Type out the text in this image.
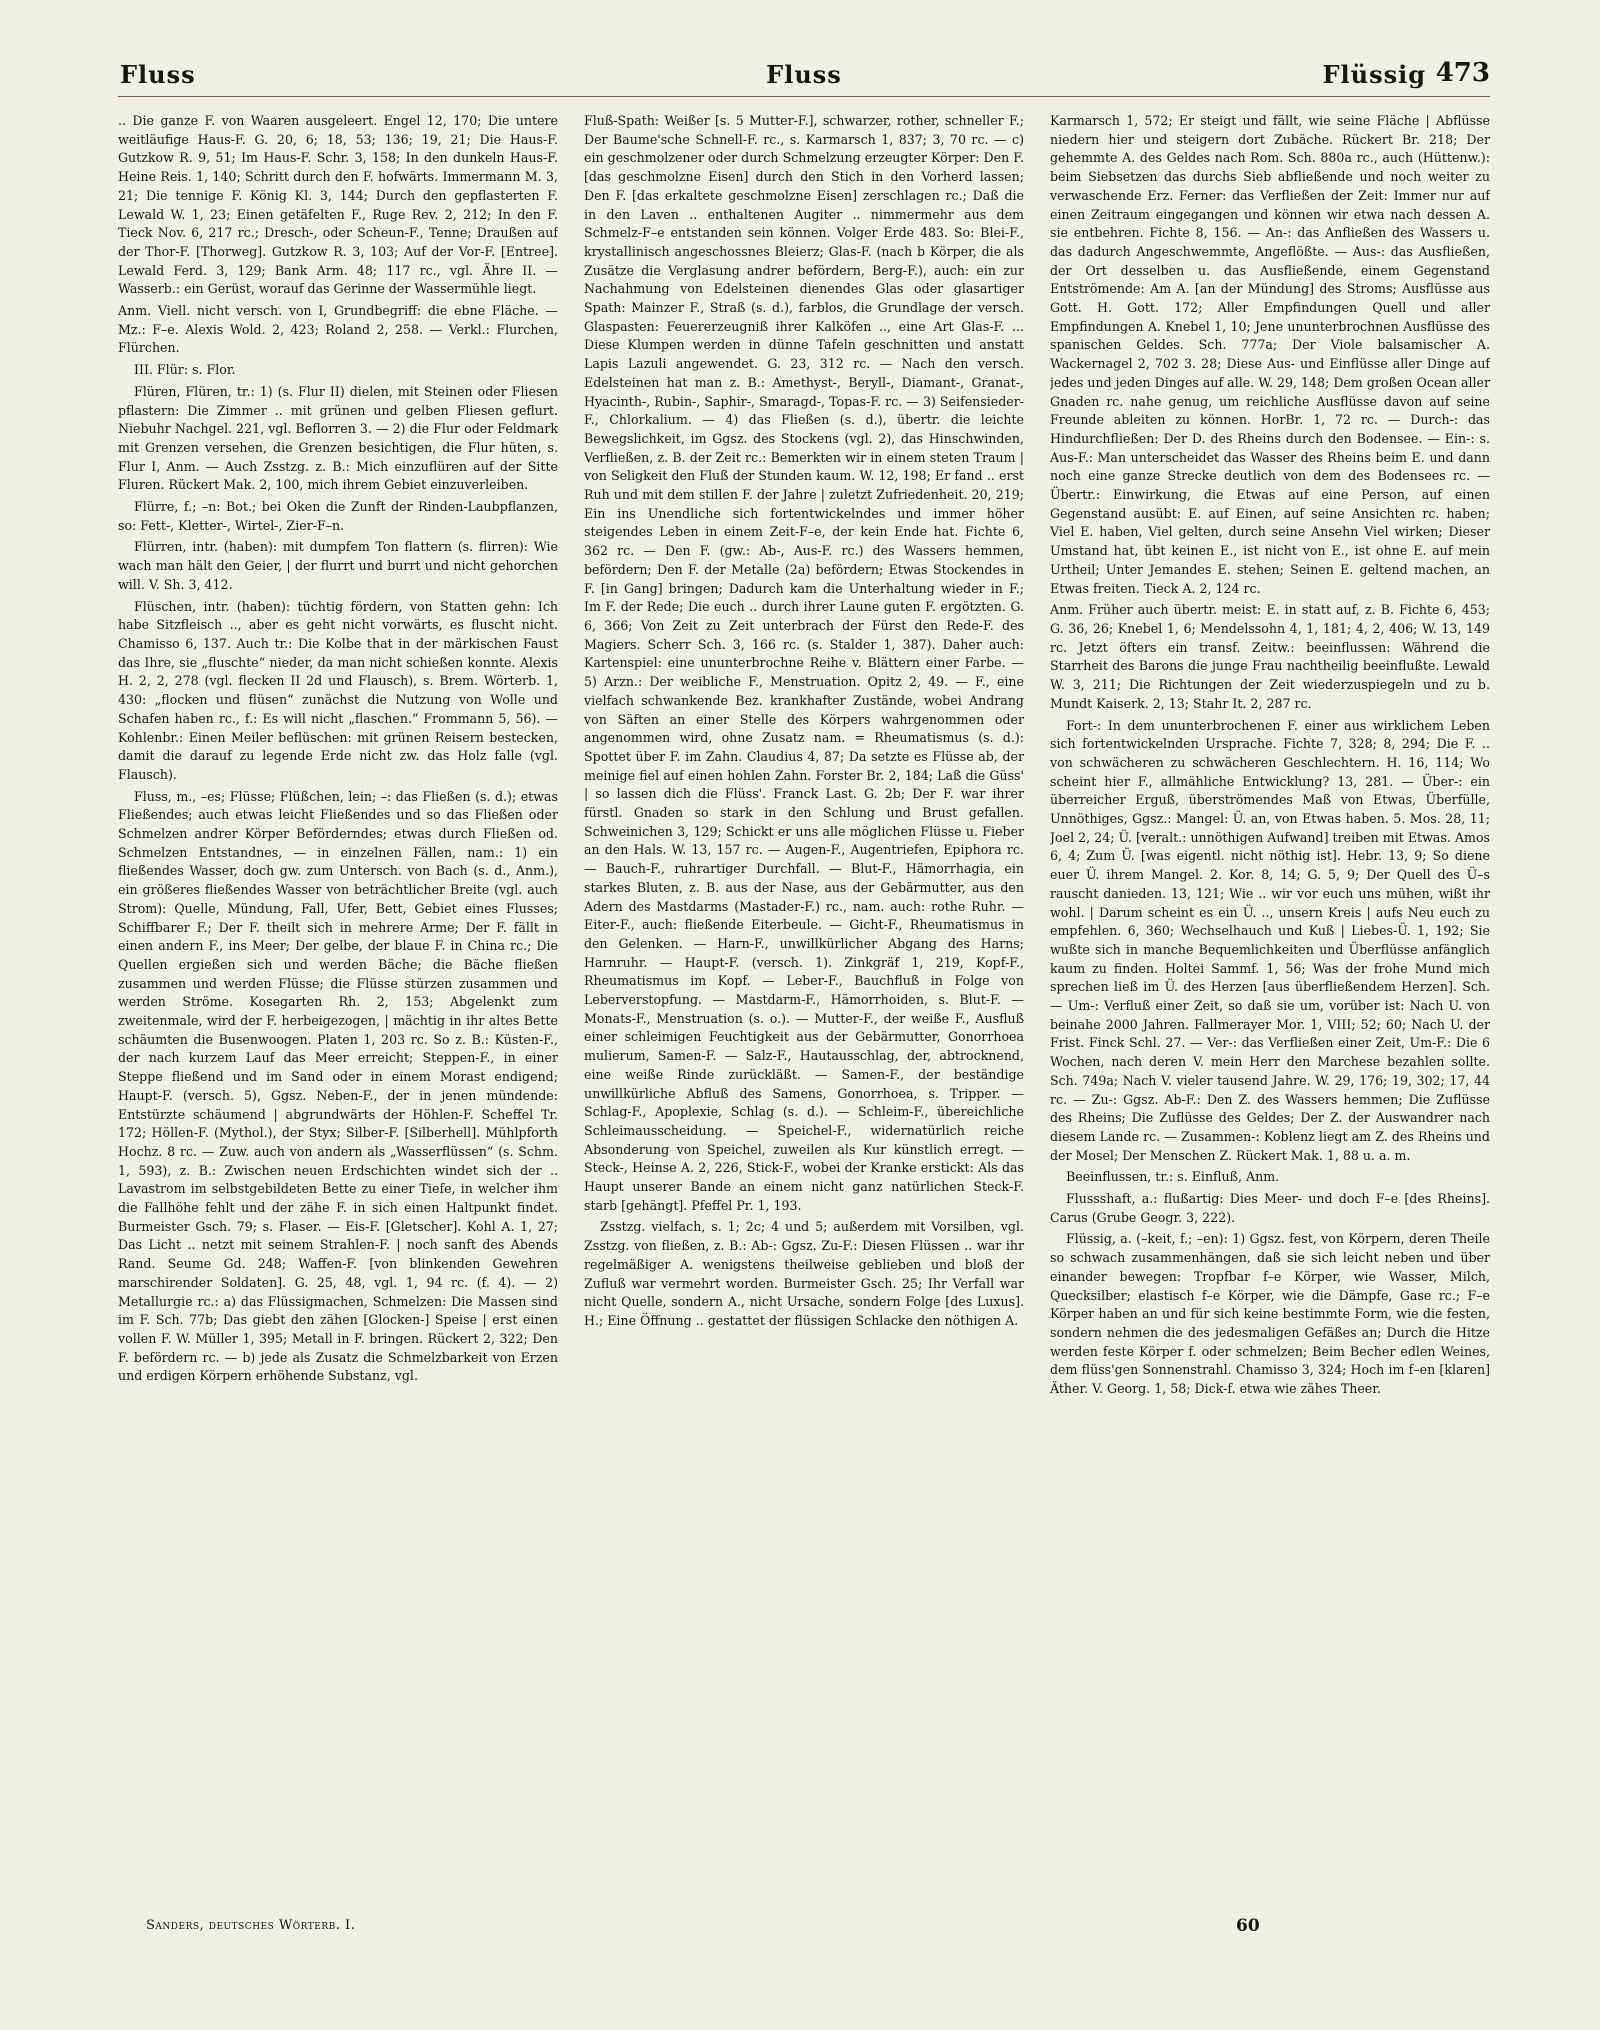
Fluss	Fluss	Flüssig 473

.. Die ganze F. von Waaren ausgeleert. Engel 12, 170; Die untere weitläufige Haus-F. G. 20, 6; 18, 53; 136; 19, 21; Die Haus-F. Gutzkow R. 9, 51; Im Haus-F. Schr. 3, 158; In den dunkeln Haus-F. Heine Reis. 1, 140; Schritt durch den F. hofwärts. Immermann M. 3, 21; Die tennige F. König Kl. 3, 144; Durch den gepflasterten F. Lewald W. 1, 23; Einen getäfelten F., Ruge Rev. 2, 212; In den F. Tieck Nov. 6, 217 rc.; Dresch-, oder Scheun-F., Tenne; Draußen auf der Thor-F. [Thorweg]. Gutzkow R. 3, 103; Auf der Vor-F. [Entree]. Lewald Ferd. 3, 129; Bank Arm. 48; 117 rc., vgl. Ähre II. — Wasserb.: ein Gerüst, worauf das Gerinne der Wassermühle liegt.

Anm. Viell. nicht versch. von I, Grundbegriff: die ebne Fläche. — Mz.: F–e. Alexis Wold. 2, 423; Roland 2, 258. — Verkl.: Flurchen, Flürchen.

III. Flür: s. Flor.

Flüren, Flüren, tr.: 1) (s. Flur II) dielen, mit Steinen oder Fliesen pflastern: Die Zimmer .. mit grünen und gelben Fliesen geflurt. Niebuhr Nachgel. 221, vgl. Beflorren 3. — 2) die Flur oder Feldmark mit Grenzen versehen, die Grenzen besichtigen, die Flur hüten, s. Flur I, Anm. — Auch Zsstzg. z. B.: Mich einzuflüren auf der Sitte Fluren. Rückert Mak. 2, 100, mich ihrem Gebiet einzuverleiben.

Flürre, f.; –n: Bot.; bei Oken die Zunft der Rinden-Laubpflanzen, so: Fett-, Kletter-, Wirtel-, Zier-F–n.

Flürren, intr. (haben): mit dumpfem Ton flattern (s. flirren): Wie wach man hält den Geier, | der flurrt und burrt und nicht gehorchen will. V. Sh. 3, 412.

Flüschen, intr. (haben): tüchtig fördern, von Statten gehn: Ich habe Sitzfleisch .., aber es geht nicht vorwärts, es fluscht nicht. Chamisso 6, 137. Auch tr.: Die Kolbe that in der märkischen Faust das Ihre, sie „fluschte“ nieder, da man nicht schießen konnte. Alexis H. 2, 2, 278 (vgl. flecken II 2d und Flausch), s. Brem. Wörterb. 1, 430: „flocken und flüsen“ zunächst die Nutzung von Wolle und Schafen haben rc., f.: Es will nicht „flaschen.“ Frommann 5, 56). — Kohlenbr.: Einen Meiler beflüschen: mit grünen Reisern bestecken, damit die darauf zu legende Erde nicht zw. das Holz falle (vgl. Flausch).

Fluss, m., –es; Flüsse; Flüßchen, lein; –: das Fließen (s. d.); etwas Fließendes; auch etwas leicht Fließendes und so das Fließen oder Schmelzen andrer Körper Beförderndes; etwas durch Fließen od. Schmelzen Entstandnes, — in einzelnen Fällen, nam.: 1) ein fließendes Wasser, doch gw. zum Untersch. von Bach (s. d., Anm.), ein größeres fließendes Wasser von beträchtlicher Breite (vgl. auch Strom): Quelle, Mündung, Fall, Ufer, Bett, Gebiet eines Flusses; Schiffbarer F.; Der F. theilt sich in mehrere Arme; Der F. fällt in einen andern F., ins Meer; Der gelbe, der blaue F. in China rc.; Die Quellen ergießen sich und werden Bäche; die Bäche fließen zusammen und werden Flüsse; die Flüsse stürzen zusammen und werden Ströme. Kosegarten Rh. 2, 153; Abgelenkt zum zweitenmale, wird der F. herbeigezogen, | mächtig in ihr altes Bette schäumten die Busenwoogen. Platen 1, 203 rc. So z. B.: Küsten-F., der nach kurzem Lauf das Meer erreicht; Steppen-F., in einer Steppe fließend und im Sand oder in einem Morast endigend; Haupt-F. (versch. 5), Ggsz. Neben-F., der in jenen mündende: Entstürzte schäumend | abgrundwärts der Höhlen-F. Scheffel Tr. 172; Höllen-F. (Mythol.), der Styx; Silber-F. [Silberhell]. Mühlpforth Hochz. 8 rc. — Zuw. auch von andern als „Wasserflüssen“ (s. Schm. 1, 593), z. B.: Zwischen neuen Erdschichten windet sich der .. Lavastrom im selbstgebildeten Bette zu einer Tiefe, in welcher ihm die Fallhöhe fehlt und der zähe F. in sich einen Haltpunkt findet. Burmeister Gsch. 79; s. Flaser. — Eis-F. [Gletscher]. Kohl A. 1, 27; Das Licht .. netzt mit seinem Strahlen-F. | noch sanft des Abends Rand. Seume Gd. 248; Waffen-F. [von blinkenden Gewehren marschirender Soldaten]. G. 25, 48, vgl. 1, 94 rc. (f. 4). — 2) Metallurgie rc.: a) das Flüssigmachen, Schmelzen: Die Massen sind im F. Sch. 77b; Das giebt den zähen [Glocken-] Speise | erst einen vollen F. W. Müller 1, 395; Metall in F. bringen. Rückert 2, 322; Den F. befördern rc. — b) jede als Zusatz die Schmelzbarkeit von Erzen und erdigen Körpern erhöhende Substanz, vgl.

Fluß-Spath: Weißer [s. 5 Mutter-F.], schwarzer, rother, schneller F.; Der Baume'sche Schnell-F. rc., s. Karmarsch 1, 837; 3, 70 rc. — c) ein geschmolzener oder durch Schmelzung erzeugter Körper: Den F. [das geschmolzne Eisen] durch den Stich in den Vorherd lassen; Den F. [das erkaltete geschmolzne Eisen] zerschlagen rc.; Daß die in den Laven .. enthaltenen Augiter .. nimmermehr aus dem Schmelz-F–e entstanden sein können. Volger Erde 483. So: Blei-F., krystallinisch angeschossnes Bleierz; Glas-F. (nach b Körper, die als Zusätze die Verglasung andrer befördern, Berg-F.), auch: ein zur Nachahmung von Edelsteinen dienendes Glas oder glasartiger Spath: Mainzer F., Straß (s. d.), farblos, die Grundlage der versch. Glaspasten: Feuererzeugniß ihrer Kalköfen .., eine Art Glas-F. ... Diese Klumpen werden in dünne Tafeln geschnitten und anstatt Lapis Lazuli angewendet. G. 23, 312 rc. — Nach den versch. Edelsteinen hat man z. B.: Amethyst-, Beryll-, Diamant-, Granat-, Hyacinth-, Rubin-, Saphir-, Smaragd-, Topas-F. rc. — 3) Seifensieder-F., Chlorkalium. — 4) das Fließen (s. d.), übertr. die leichte Bewegslichkeit, im Ggsz. des Stockens (vgl. 2), das Hinschwinden, Verfließen, z. B. der Zeit rc.: Bemerkten wir in einem steten Traum | von Seligkeit den Fluß der Stunden kaum. W. 12, 198; Er fand .. erst Ruh und mit dem stillen F. der Jahre | zuletzt Zufriedenheit. 20, 219; Ein ins Unendliche sich fortentwickelndes und immer höher steigendes Leben in einem Zeit-F–e, der kein Ende hat. Fichte 6, 362 rc. — Den F. (gw.: Ab-, Aus-F. rc.) des Wassers hemmen, befördern; Den F. der Metalle (2a) befördern; Etwas Stockendes in F. [in Gang] bringen; Dadurch kam die Unterhaltung wieder in F.; Im F. der Rede; Die euch .. durch ihrer Laune guten F. ergötzten. G. 6, 366; Von Zeit zu Zeit unterbrach der Fürst den Rede-F. des Magiers. Scherr Sch. 3, 166 rc. (s. Stalder 1, 387). Daher auch: Kartenspiel: eine ununterbrochne Reihe v. Blättern einer Farbe. — 5) Arzn.: Der weibliche F., Menstruation. Opitz 2, 49. — F., eine vielfach schwankende Bez. krankhafter Zustände, wobei Andrang von Säften an einer Stelle des Körpers wahrgenommen oder angenommen wird, ohne Zusatz nam. = Rheumatismus (s. d.): Spottet über F. im Zahn. Claudius 4, 87; Da setzte es Flüsse ab, der meinige fiel auf einen hohlen Zahn. Forster Br. 2, 184; Laß die Güss' | so lassen dich die Flüss'. Franck Last. G. 2b; Der F. war ihrer fürstl. Gnaden so stark in den Schlung und Brust gefallen. Schweinichen 3, 129; Schickt er uns alle möglichen Flüsse u. Fieber an den Hals. W. 13, 157 rc. — Augen-F., Augentriefen, Epiphora rc. — Bauch-F., ruhrartiger Durchfall. — Blut-F., Hämorrhagia, ein starkes Bluten, z. B. aus der Nase, aus der Gebärmutter, aus den Adern des Mastdarms (Mastader-F.) rc., nam. auch: rothe Ruhr. — Eiter-F., auch: fließende Eiterbeule. — Gicht-F., Rheumatismus in den Gelenken. — Harn-F., unwillkürlicher Abgang des Harns; Harnruhr. — Haupt-F. (versch. 1). Zinkgräf 1, 219, Kopf-F., Rheumatismus im Kopf. — Leber-F., Bauchfluß in Folge von Leberverstopfung. — Mastdarm-F., Hämorrhoiden, s. Blut-F. — Monats-F., Menstruation (s. o.). — Mutter-F., der weiße F., Ausfluß einer schleimigen Feuchtigkeit aus der Gebärmutter, Gonorrhoea mulierum, Samen-F. — Salz-F., Hautausschlag, der, abtrocknend, eine weiße Rinde zurückläßt. — Samen-F., der beständige unwillkürliche Abfluß des Samens, Gonorrhoea, s. Tripper. — Schlag-F., Apoplexie, Schlag (s. d.). — Schleim-F., übereichliche Schleimausscheidung. — Speichel-F., widernatürlich reiche Absonderung von Speichel, zuweilen als Kur künstlich erregt. — Steck-, Heinse A. 2, 226, Stick-F., wobei der Kranke erstickt: Als das Haupt unserer Bande an einem nicht ganz natürlichen Steck-F. starb [gehängt]. Pfeffel Pr. 1, 193.

Zsstzg. vielfach, s. 1; 2c; 4 und 5; außerdem mit Vorsilben, vgl. Zsstzg. von fließen, z. B.: Ab-: Ggsz. Zu-F.: Diesen Flüssen .. war ihr regelmäßiger A. wenigstens theilweise geblieben und bloß der Zufluß war vermehrt worden. Burmeister Gsch. 25; Ihr Verfall war nicht Quelle, sondern A., nicht Ursache, sondern Folge [des Luxus]. H.; Eine Öffnung .. gestattet der flüssigen Schlacke den nöthigen A.

Karmarsch 1, 572; Er steigt und fällt, wie seine Fläche | Abflüsse niedern hier und steigern dort Zubäche. Rückert Br. 218; Der gehemmte A. des Geldes nach Rom. Sch. 880a rc., auch (Hüttenw.): beim Siebsetzen das durchs Sieb abfließende und noch weiter zu verwaschende Erz. Ferner: das Verfließen der Zeit: Immer nur auf einen Zeitraum eingegangen und können wir etwa nach dessen A. sie entbehren. Fichte 8, 156. — An-: das Anfließen des Wassers u. das dadurch Angeschwemmte, Angeflößte. — Aus-: das Ausfließen, der Ort desselben u. das Ausfließende, einem Gegenstand Entströmende: Am A. [an der Mündung] des Stroms; Ausflüsse aus Gott. H. Gott. 172; Aller Empfindungen Quell und aller Empfindungen A. Knebel 1, 10; Jene ununterbrochnen Ausflüsse des spanischen Geldes. Sch. 777a; Der Viole balsamischer A. Wackernagel 2, 702 3. 28; Diese Aus- und Einflüsse aller Dinge auf jedes und jeden Dinges auf alle. W. 29, 148; Dem großen Ocean aller Gnaden rc. nahe genug, um reichliche Ausflüsse davon auf seine Freunde ableiten zu können. HorBr. 1, 72 rc. — Durch-: das Hindurchfließen: Der D. des Rheins durch den Bodensee. — Ein-: s. Aus-F.: Man unterscheidet das Wasser des Rheins beim E. und dann noch eine ganze Strecke deutlich von dem des Bodensees rc. — Übertr.: Einwirkung, die Etwas auf eine Person, auf einen Gegenstand ausübt: E. auf Einen, auf seine Ansichten rc. haben; Viel E. haben, Viel gelten, durch seine Ansehn Viel wirken; Dieser Umstand hat, übt keinen E., ist nicht von E., ist ohne E. auf mein Urtheil; Unter Jemandes E. stehen; Seinen E. geltend machen, an Etwas freiten. Tieck A. 2, 124 rc.

Anm. Früher auch übertr. meist: E. in statt auf, z. B. Fichte 6, 453; G. 36, 26; Knebel 1, 6; Mendelssohn 4, 1, 181; 4, 2, 406; W. 13, 149 rc. Jetzt öfters ein transf. Zeitw.: beeinflussen: Während die Starrheit des Barons die junge Frau nachtheilig beeinflußte. Lewald W. 3, 211; Die Richtungen der Zeit wiederzuspiegeln und zu b. Mundt Kaiserk. 2, 13; Stahr It. 2, 287 rc.

Fort-: In dem ununterbrochenen F. einer aus wirklichem Leben sich fortentwickelnden Ursprache. Fichte 7, 328; 8, 294; Die F. .. von schwächeren zu schwächeren Geschlechtern. H. 16, 114; Wo scheint hier F., allmähliche Entwicklung? 13, 281. — Über-: ein überreicher Erguß, überströmendes Maß von Etwas, Überfülle, Unnöthiges, Ggsz.: Mangel: Ü. an, von Etwas haben. 5. Mos. 28, 11; Joel 2, 24; Ü. [veralt.: unnöthigen Aufwand] treiben mit Etwas. Amos 6, 4; Zum Ü. [was eigentl. nicht nöthig ist]. Hebr. 13, 9; So diene euer Ü. ihrem Mangel. 2. Kor. 8, 14; G. 5, 9; Der Quell des Ü–s rauscht danieden. 13, 121; Wie .. wir vor euch uns mühen, wißt ihr wohl. | Darum scheint es ein Ü. .., unsern Kreis | aufs Neu euch zu empfehlen. 6, 360; Wechselhauch und Kuß | Liebes-Ü. 1, 192; Sie wußte sich in manche Bequemlichkeiten und Überflüsse anfänglich kaum zu finden. Holtei Sammf. 1, 56; Was der frohe Mund mich sprechen ließ im Ü. des Herzen [aus überfließendem Herzen]. Sch. — Um-: Verfluß einer Zeit, so daß sie um, vorüber ist: Nach U. von beinahe 2000 Jahren. Fallmerayer Mor. 1, VIII; 52; 60; Nach U. der Frist. Finck Schl. 27. — Ver-: das Verfließen einer Zeit, Um-F.: Die 6 Wochen, nach deren V. mein Herr den Marchese bezahlen sollte. Sch. 749a; Nach V. vieler tausend Jahre. W. 29, 176; 19, 302; 17, 44 rc. — Zu-: Ggsz. Ab-F.: Den Z. des Wassers hemmen; Die Zuflüsse des Rheins; Die Zuflüsse des Geldes; Der Z. der Auswandrer nach diesem Lande rc. — Zusammen-: Koblenz liegt am Z. des Rheins und der Mosel; Der Menschen Z. Rückert Mak. 1, 88 u. a. m.

Beeinflussen, tr.: s. Einfluß, Anm.

Flussshaft, a.: flußartig: Dies Meer- und doch F–e [des Rheins]. Carus (Grube Geogr. 3, 222).

Flüssig, a. (–keit, f.; –en): 1) Ggsz. fest, von Körpern, deren Theile so schwach zusammenhängen, daß sie sich leicht neben und über einander bewegen: Tropfbar f–e Körper, wie Wasser, Milch, Quecksilber; elastisch f–e Körper, wie die Dämpfe, Gase rc.; F–e Körper haben an und für sich keine bestimmte Form, wie die festen, sondern nehmen die des jedesmaligen Gefäßes an; Durch die Hitze werden feste Körper f. oder schmelzen; Beim Becher edlen Weines, dem flüss'gen Sonnenstrahl. Chamisso 3, 324; Hoch im f–en [klaren] Äther. V. Georg. 1, 58; Dick-f. etwa wie zähes Theer.

Sanders, deutsches Wörterb. I.	60
